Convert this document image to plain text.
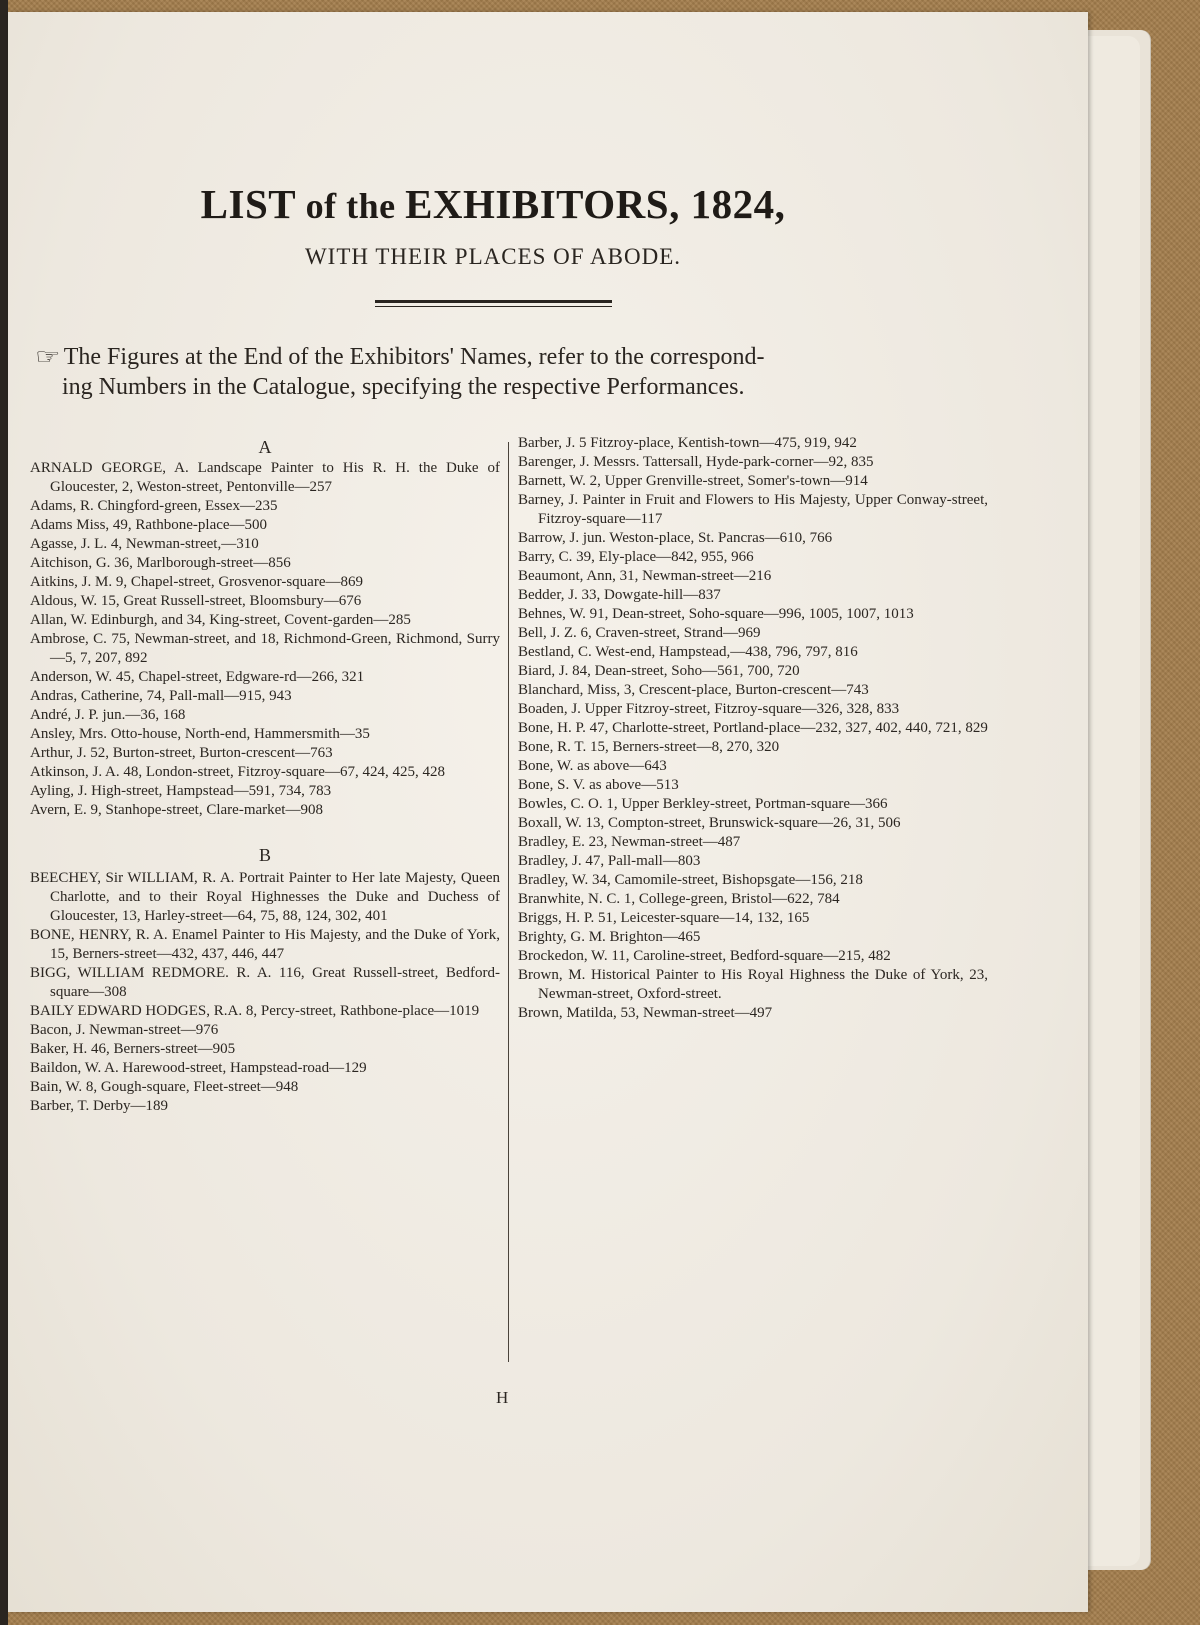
LIST of the EXHIBITORS, 1824,
WITH THEIR PLACES OF ABODE.
☞ The Figures at the End of the Exhibitors' Names, refer to the correspond-
ing Numbers in the Catalogue, specifying the respective Performances.
A

ARNALD GEORGE, A. Landscape Painter to His R. H. the Duke of Gloucester, 2, Weston-street, Pentonville—257

Adams, R. Chingford-green, Essex—235

Adams Miss, 49, Rathbone-place—500

Agasse, J. L. 4, Newman-street,—310

Aitchison, G. 36, Marlborough-street—856

Aitkins, J. M. 9, Chapel-street, Grosvenor-square—869

Aldous, W. 15, Great Russell-street, Bloomsbury—676

Allan, W. Edinburgh, and 34, King-street, Covent-garden—285

Ambrose, C. 75, Newman-street, and 18, Richmond-Green, Richmond, Surry—5, 7, 207, 892

Anderson, W. 45, Chapel-street, Edgware-rd—266, 321

Andras, Catherine, 74, Pall-mall—915, 943

André, J. P. jun.—36, 168

Ansley, Mrs. Otto-house, North-end, Hammersmith—35

Arthur, J. 52, Burton-street, Burton-crescent—763

Atkinson, J. A. 48, London-street, Fitzroy-square—67, 424, 425, 428

Ayling, J. High-street, Hampstead—591, 734, 783

Avern, E. 9, Stanhope-street, Clare-market—908

B

BEECHEY, Sir WILLIAM, R. A. Portrait Painter to Her late Majesty, Queen Charlotte, and to their Royal Highnesses the Duke and Duchess of Gloucester, 13, Harley-street—64, 75, 88, 124, 302, 401

BONE, HENRY, R. A. Enamel Painter to His Majesty, and the Duke of York, 15, Berners-street—432, 437, 446, 447

BIGG, WILLIAM REDMORE. R. A. 116, Great Russell-street, Bedford-square—308

BAILY EDWARD HODGES, R.A. 8, Percy-street, Rathbone-place—1019

Bacon, J. Newman-street—976

Baker, H. 46, Berners-street—905

Baildon, W. A. Harewood-street, Hampstead-road—129

Bain, W. 8, Gough-square, Fleet-street—948

Barber, T. Derby—189

Barber, J. 5 Fitzroy-place, Kentish-town—475, 919, 942

Barenger, J. Messrs. Tattersall, Hyde-park-corner—92, 835

Barnett, W. 2, Upper Grenville-street, Somer's-town—914

Barney, J. Painter in Fruit and Flowers to His Majesty, Upper Conway-street, Fitzroy-square—117

Barrow, J. jun. Weston-place, St. Pancras—610, 766

Barry, C. 39, Ely-place—842, 955, 966

Beaumont, Ann, 31, Newman-street—216

Bedder, J. 33, Dowgate-hill—837

Behnes, W. 91, Dean-street, Soho-square—996, 1005, 1007, 1013

Bell, J. Z. 6, Craven-street, Strand—969

Bestland, C. West-end, Hampstead,—438, 796, 797, 816

Biard, J. 84, Dean-street, Soho—561, 700, 720

Blanchard, Miss, 3, Crescent-place, Burton-crescent—743

Boaden, J. Upper Fitzroy-street, Fitzroy-square—326, 328, 833

Bone, H. P. 47, Charlotte-street, Portland-place—232, 327, 402, 440, 721, 829

Bone, R. T. 15, Berners-street—8, 270, 320

Bone, W. as above—643

Bone, S. V. as above—513

Bowles, C. O. 1, Upper Berkley-street, Portman-square—366

Boxall, W. 13, Compton-street, Brunswick-square—26, 31, 506

Bradley, E. 23, Newman-street—487

Bradley, J. 47, Pall-mall—803

Bradley, W. 34, Camomile-street, Bishopsgate—156, 218

Branwhite, N. C. 1, College-green, Bristol—622, 784

Briggs, H. P. 51, Leicester-square—14, 132, 165

Brighty, G. M. Brighton—465

Brockedon, W. 11, Caroline-street, Bedford-square—215, 482

Brown, M. Historical Painter to His Royal Highness the Duke of York, 23, Newman-street, Oxford-street.

Brown, Matilda, 53, Newman-street—497

H
